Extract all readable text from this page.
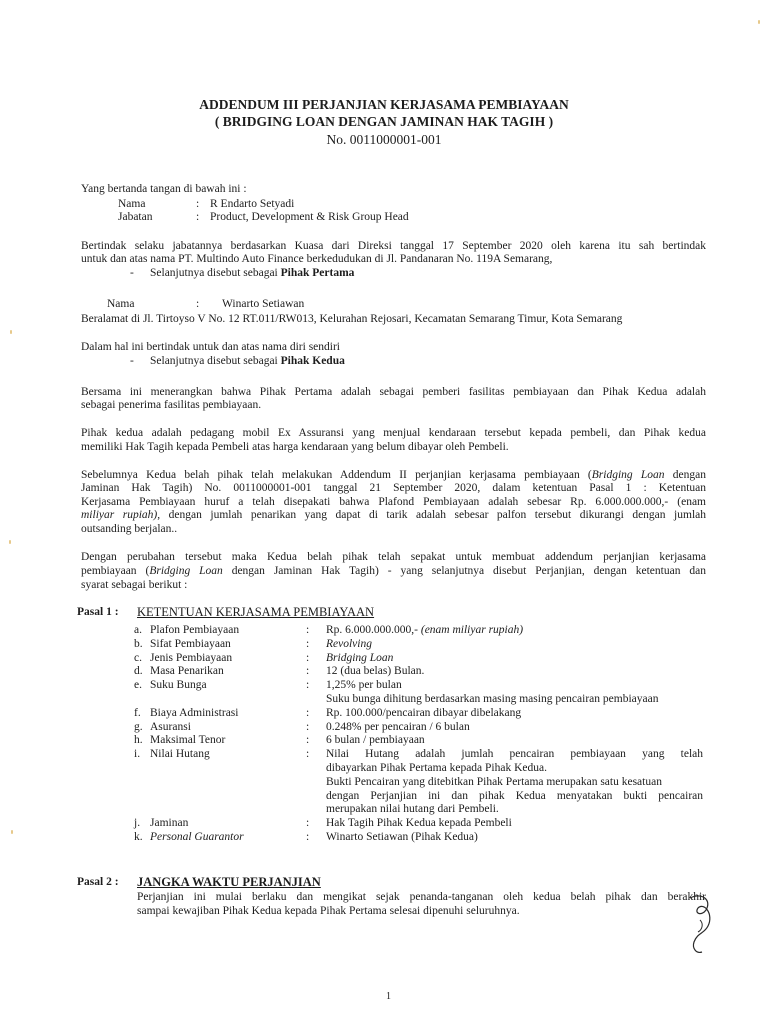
ADDENDUM III PERJANJIAN KERJASAMA PEMBIAYAAN
( BRIDGING LOAN DENGAN JAMINAN HAK TAGIH )
No. 0011000001-001
Yang bertanda tangan di bawah ini :
Nama	: R Endarto Setyadi
Jabatan	: Product, Development & Risk Group Head
Bertindak selaku jabatannya berdasarkan Kuasa dari Direksi tanggal 17 September 2020 oleh karena itu sah bertindak
untuk dan atas nama PT. Multindo Auto Finance berkedudukan di Jl. Pandanaran No. 119A Semarang,
- Selanjutnya disebut sebagai Pihak Pertama
Nama	: Winarto Setiawan
Beralamat di Jl. Tirtoyso V No. 12 RT.011/RW013, Kelurahan Rejosari, Kecamatan Semarang Timur, Kota Semarang
Dalam hal ini bertindak untuk dan atas nama diri sendiri
- Selanjutnya disebut sebagai Pihak Kedua
Bersama ini menerangkan bahwa Pihak Pertama adalah sebagai pemberi fasilitas pembiayaan dan Pihak Kedua adalah
sebagai penerima fasilitas pembiayaan.
Pihak kedua adalah pedagang mobil Ex Assuransi yang menjual kendaraan tersebut kepada pembeli, dan Pihak kedua
memiliki Hak Tagih kepada Pembeli atas harga kendaraan yang belum dibayar oleh Pembeli.
Sebelumnya Kedua belah pihak telah melakukan Addendum II perjanjian kerjasama pembiayaan (Bridging Loan dengan
Jaminan Hak Tagih) No. 0011000001-001 tanggal 21 September 2020, dalam ketentuan Pasal 1 : Ketentuan
Kerjasama Pembiayaan huruf a telah disepakati bahwa Plafond Pembiayaan adalah sebesar Rp. 6.000.000.000,- (enam
miliyar rupiah), dengan jumlah penarikan yang dapat di tarik adalah sebesar palfon tersebut dikurangi dengan jumlah
outsanding berjalan..
Dengan perubahan tersebut maka Kedua belah pihak telah sepakat untuk membuat addendum perjanjian kerjasama
pembiayaan (Bridging Loan dengan Jaminan Hak Tagih) - yang selanjutnya disebut Perjanjian, dengan ketentuan dan
syarat sebagai berikut :
Pasal 1 : KETENTUAN KERJASAMA PEMBIAYAAN
a. Plafon Pembiayaan	: Rp. 6.000.000.000,- (enam miliyar rupiah)
b. Sifat Pembiayaan	: Revolving
c. Jenis Pembiayaan	: Bridging Loan
d. Masa Penarikan	: 12 (dua belas) Bulan.
e. Suku Bunga	: 1,25% per bulan
Suku bunga dihitung berdasarkan masing masing pencairan pembiayaan
f. Biaya Administrasi	: Rp. 100.000/pencairan dibayar dibelakang
g. Asuransi	: 0.248% per pencairan / 6 bulan
h. Maksimal Tenor	: 6 bulan / pembiayaan
i. Nilai Hutang	: Nilai Hutang adalah jumlah pencairan pembiayaan yang telah
dibayarkan Pihak Pertama kepada Pihak Kedua.
Bukti Pencairan yang ditebitkan Pihak Pertama merupakan satu kesatuan
dengan Perjanjian ini dan pihak Kedua menyatakan bukti pencairan
merupakan nilai hutang dari Pembeli.
j. Jaminan	: Hak Tagih Pihak Kedua kepada Pembeli
k. Personal Guarantor	: Winarto Setiawan (Pihak Kedua)
Pasal 2 : JANGKA WAKTU PERJANJIAN
Perjanjian ini mulai berlaku dan mengikat sejak penanda-tanganan oleh kedua belah pihak dan berakhir
sampai kewajiban Pihak Kedua kepada Pihak Pertama selesai dipenuhi seluruhnya.
1
